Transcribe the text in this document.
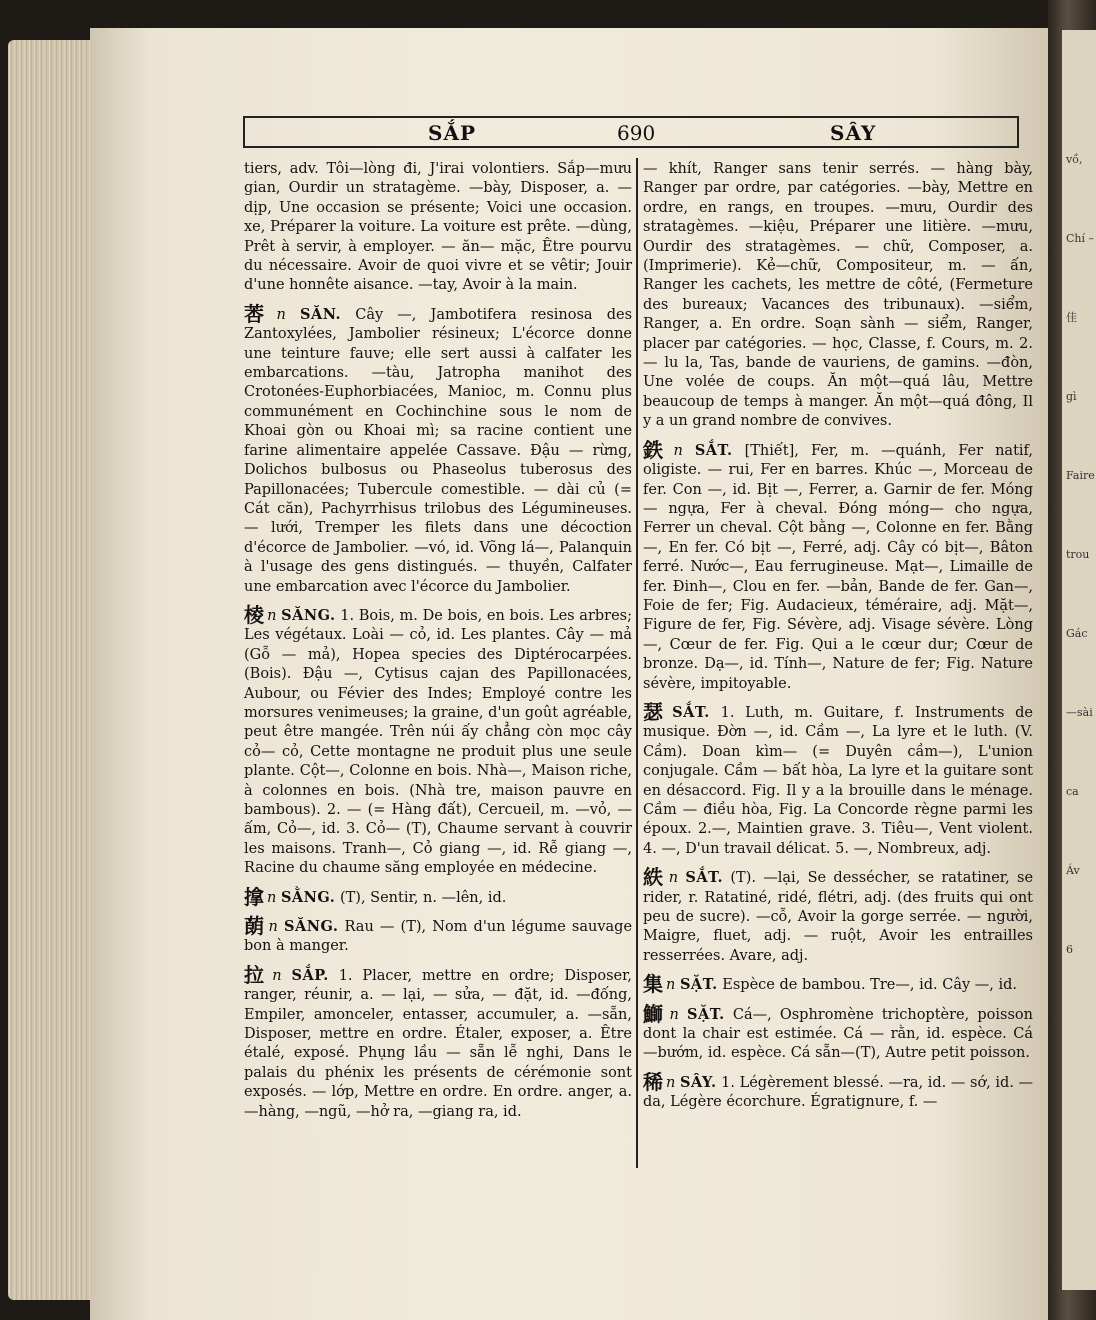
vồ,
Chí –
佳
gì
Faire
trou
Gác
—sài
ca
Áv
6
SẮP	690	SÂY

tiers, adv. Tôi—lòng đi, J'irai volontiers. Sắp—mưu gian, Ourdir un stratagème. —bày, Disposer, a. —dịp, Une occasion se présente; Voici une occasion. xe, Préparer la voiture. La voiture est prête. —dùng, Prêt à servir, à employer. — ăn— mặc, Être pourvu du nécessaire. Avoir de quoi vivre et se vêtir; Jouir d'une honnête aisance. —tay, Avoir à la main.

莕 n SĂN. Cây —, Jambotifera resinosa des Zantoxylées, Jambolier résineux; L'écorce donne une teinture fauve; elle sert aussi à calfater les embarcations. —tàu, Jatropha manihot des Crotonées-Euphorbiacées, Manioc, m. Connu plus communément en Cochinchine sous le nom de Khoai gòn ou Khoai mì; sa racine contient une farine alimentaire appelée Cassave. Đậu — rừng, Dolichos bulbosus ou Phaseolus tuberosus des Papillonacées; Tubercule comestible. — dài củ (= Cát căn), Pachyrrhisus trilobus des Légumineuses. — lưới, Tremper les filets dans une décoction d'écorce de Jambolier. —vó, id. Võng lá—, Palanquin à l'usage des gens distingués. — thuyền, Calfater une embarcation avec l'écorce du Jambolier.

棱 n SĂNG. 1. Bois, m. De bois, en bois. Les arbres; Les végétaux. Loài — cỏ, id. Les plantes. Cây — mả (Gỗ — mả), Hopea species des Diptérocarpées. (Bois). Đậu —, Cytisus cajan des Papillonacées, Aubour, ou Févier des Indes; Employé contre les morsures venimeuses; la graine, d'un goût agréable, peut être mangée. Trên núi ấy chẳng còn mọc cây cỏ— cỏ, Cette montagne ne produit plus une seule plante. Cột—, Colonne en bois. Nhà—, Maison riche, à colonnes en bois. (Nhà tre, maison pauvre en bambous). 2. — (= Hàng đất), Cercueil, m. —vỏ, —ấm, Cỏ—, id. 3. Cỏ— (T), Chaume servant à couvrir les maisons. Tranh—, Cỏ giang —, id. Rễ giang —, Racine du chaume săng employée en médecine.

𢲡 n SẰNG. (T), Sentir, n. —lên, id.

蓢 n SĂNG. Rau — (T), Nom d'un légume sauvage bon à manger.

拉 n SẮP. 1. Placer, mettre en ordre; Disposer, ranger, réunir, a. — lại, — sửa, — đặt, id. —đống, Empiler, amonceler, entasser, accumuler, a. —sẵn, Disposer, mettre en ordre. Étaler, exposer, a. Être étalé, exposé. Phụng lầu — sẵn lễ nghi, Dans le palais du phénix les présents de cérémonie sont exposés. — lớp, Mettre en ordre. En ordre. anger, a. —hàng, —ngũ, —hở ra, —giang ra, id.

— khít, Ranger sans tenir serrés. — hàng bày, Ranger par ordre, par catégories. —bày, Mettre en ordre, en rangs, en troupes. —mưu, Ourdir des stratagèmes. —kiệu, Préparer une litière. —mưu, Ourdir des stratagèmes. — chữ, Composer, a. (Imprimerie). Kẻ—chữ, Compositeur, m. — ấn, Ranger les cachets, les mettre de côté, (Fermeture des bureaux; Vacances des tribunaux). —siểm, Ranger, a. En ordre. Soạn sành — siểm, Ranger, placer par catégories. — học, Classe, f. Cours, m. 2. — lu la, Tas, bande de vauriens, de gamins. —đòn, Une volée de coups. Ăn một—quá lâu, Mettre beaucoup de temps à manger. Ăn một—quá đông, Il y a un grand nombre de convives.

鉄 n SẮT. [Thiết], Fer, m. —quánh, Fer natif, oligiste. — rui, Fer en barres. Khúc —, Morceau de fer. Con —, id. Bịt —, Ferrer, a. Garnir de fer. Móng — ngựa, Fer à cheval. Đóng móng— cho ngựa, Ferrer un cheval. Cột bằng —, Colonne en fer. Bằng —, En fer. Có bịt —, Ferré, adj. Cây có bịt—, Bâton ferré. Nước—, Eau ferrugineuse. Mạt—, Limaille de fer. Đinh—, Clou en fer. —bản, Bande de fer. Gan—, Foie de fer; Fig. Audacieux, téméraire, adj. Mặt—, Figure de fer, Fig. Sévère, adj. Visage sévère. Lòng—, Cœur de fer. Fig. Qui a le cœur dur; Cœur de bronze. Dạ—, id. Tính—, Nature de fer; Fig. Nature sévère, impitoyable.

瑟 SẮT. 1. Luth, m. Guitare, f. Instruments de musique. Đờn —, id. Cầm —, La lyre et le luth. (V. Cầm). Doan kìm— (= Duyên cầm—), L'union conjugale. Cầm — bất hòa, La lyre et la guitare sont en désaccord. Fig. Il y a la brouille dans le ménage. Cầm — điều hòa, Fig. La Concorde règne parmi les époux. 2.—, Maintien grave. 3. Tiêu—, Vent violent. 4. —, D'un travail délicat. 5. —, Nombreux, adj.

紩 n SẮT. (T). —lại, Se dessécher, se ratatiner, se rider, r. Ratatiné, ridé, flétri, adj. (des fruits qui ont peu de sucre). —cỗ, Avoir la gorge serrée. — người, Maigre, fluet, adj. — ruột, Avoir les entrailles resserrées. Avare, adj.

集 n SẶT. Espèce de bambou. Tre—, id. Cây —, id.

鰤 n SẶT. Cá—, Osphromène trichoptère, poisson dont la chair est estimée. Cá — rằn, id. espèce. Cá —bướm, id. espèce. Cá sẵn—(T), Autre petit poisson.

稀 n SÂY. 1. Légèrement blessé. —ra, id. — sớ, id. — da, Légère écorchure. Égratignure, f. —
